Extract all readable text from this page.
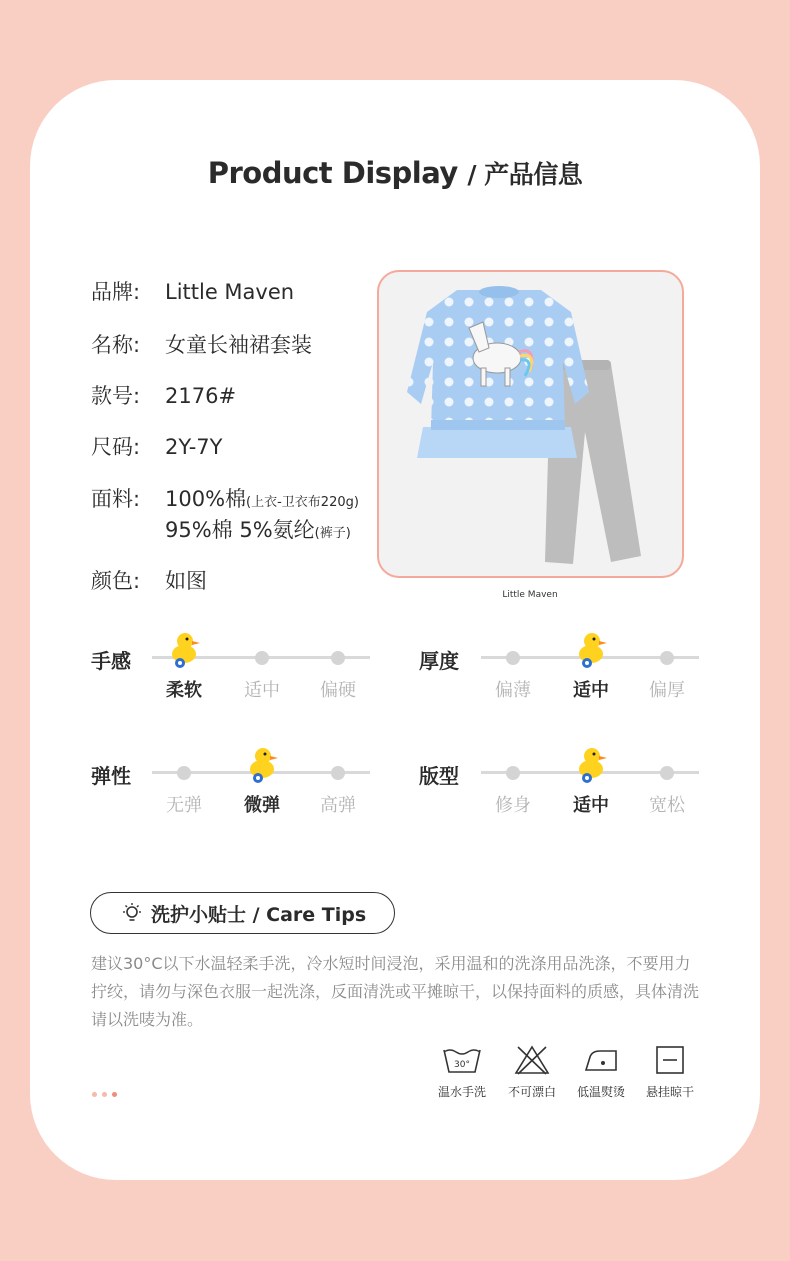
Product Display / 产品信息
品牌: Little Maven
名称: 女童长袖裙套装
款号: 2176#
尺码: 2Y-7Y
面料: 100%棉(上衣-卫衣布220g)
95%棉 5%氨纶(裤子)
颜色: 如图
Little Maven
手感
柔软	适中	偏硬
厚度
偏薄	适中	偏厚
弹性
无弹	微弹	高弹
版型
修身	适中	宽松
洗护小贴士 / Care Tips
建议30°C以下水温轻柔手洗，冷水短时间浸泡，采用温和的洗涤用品洗涤，不要用力拧绞，请勿与深色衣服一起洗涤，反面清洗或平摊晾干，以保持面料的质感，具体清洗请以洗唛为准。
30°
温水手洗	不可漂白	低温熨烫	悬挂晾干
